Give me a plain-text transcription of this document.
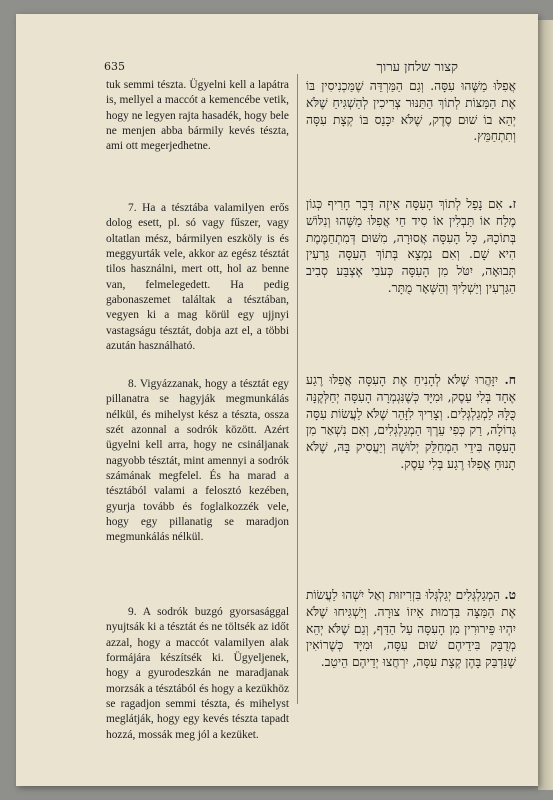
635	קצור שלחן ערוך

tuk semmi tészta. Ügyelni kell a lapátra is, mellyel a maccót a kemencébe vetik, hogy ne legyen rajta hasadék, hogy bele ne menjen abba bármily kevés tészta, ami ott megerjedhetne.

7. Ha a tésztába valamilyen erős dolog esett, pl. só vagy fűszer, vagy oltatlan mész, bármilyen eszköly is és meggyurták vele, akkor az egész tésztát tilos használni, mert ott, hol az benne van, felmelegedett. Ha pedig gabonaszemet találtak a tésztában, vegyen ki a mag körül egy ujjnyi vastagságu tésztát, dobja azt el, a többi azután használható.

8. Vigyázzanak, hogy a tésztát egy pillanatra se hagyják megmunkálás nélkül, és mihelyst kész a tészta, ossza szét azonnal a sodrók között. Azért ügyelni kell arra, hogy ne csináljanak nagyobb tésztát, mint amennyi a sodrók számának megfelel. És ha marad a tésztából valami a felosztó kezében, gyurja tovább és foglalkozzék vele, hogy egy pillanatig se maradjon megmunkálás nélkül.

9. A sodrók buzgó gyorsasággal nyujtsák ki a tésztát és ne töltsék az időt azzal, hogy a maccót valamilyen alak formájára készítsék ki. Ügyeljenek, hogy a gyurodeszkán ne maradjanak morzsák a tésztából és hogy a kezükhöz se ragadjon semmi tészta, és mihelyst meglátják, hogy egy kevés tészta tapadt hozzá, mossák meg jól a kezüket.

אֲפִלּוּ מַשֶּׁהוּ עִסָּה. וְגַם הַמַּרְדֵּה שֶׁמַּכְנִיסִין בּוֹ אֶת הַמַּצּוֹת לְתוֹךְ הַתַּנּוּר צְרִיכִין לְהַשְׁגִּיחַ שֶׁלֹּא יְהֵא בוֹ שׁוּם סֶדֶק, שֶׁלֹּא יִכָּנֵס בּוֹ קְצָת עִסָּה וְתִתְחַמֵּץ.

ז. אִם נָפַל לְתוֹךְ הָעִסָּה אֵיזֶה דָּבָר חָרִיף כְּגוֹן מֶלַח אוֹ תַּבְלִין אוֹ סִיד חַי אֲפִלּוּ מַשֶּׁהוּ וְנִלּוֹשׁ בְּתוֹכָהּ, כָּל הָעִסָּה אֲסוּרָה, מִשּׁוּם דְּמִתְחַמֶּמֶת הִיא שָׁם. וְאִם נִמְצָא בְּתוֹךְ הָעִסָּה גַּרְעִין תְּבוּאָה, יִטֹּל מִן הָעִסָּה כְּעֹבִי אֶצְבַּע סְבִיב הַגַּרְעִין וְיַשְׁלִיךְ וְהַשְּׁאָר מֻתָּר.

ח. יִזָּהֲרוּ שֶׁלֹּא לְהָנִיחַ אֶת הָעִסָּה אֲפִלּוּ רֶגַע אֶחָד בְּלִי עֵסֶק, וּמִיָּד כְּשֶׁנִּגְמְרָה הָעִסָּה יְחַלְּקֶנָּה כֻּלָּהּ לַמְגַלְגְּלִים. וְצָרִיךְ לִזָּהֵר שֶׁלֹּא לַעֲשׂוֹת עִסָּה גְּדוֹלָה, רַק כְּפִי עֵרֶךְ הַמְגַלְגְּלִים, וְאִם נִשְׁאַר מִן הָעִסָּה בִּידֵי הַמְחַלֵּק יְלוּשֶׁהּ וְיַעֲסִיק בָּהּ, שֶׁלֹּא תָנוּחַ אֲפִלּוּ רֶגַע בְּלִי עֵסֶק.

ט. הַמְגַלְגְּלִים יְגַלְגְּלוּ בִּזְרִיזוּת וְאַל יִשְׁהוּ לַעֲשׂוֹת אֶת הַמַּצָּה בִּדְמוּת אֵיזוֹ צוּרָה. וְיַשְׁגִּיחוּ שֶׁלֹּא יִהְיוּ פֵּירוּרִין מִן הָעִסָּה עַל הַדַּף, וְגַם שֶׁלֹּא יְהֵא מְדֻבָּק בִּידֵיהֶם שׁוּם עִסָּה, וּמִיָּד כְּשֶׁרוֹאִין שֶׁנִּדְבַּק בָּהֶן קְצָת עִסָּה, יִרְחֲצוּ יְדֵיהֶם הֵיטֵב.
